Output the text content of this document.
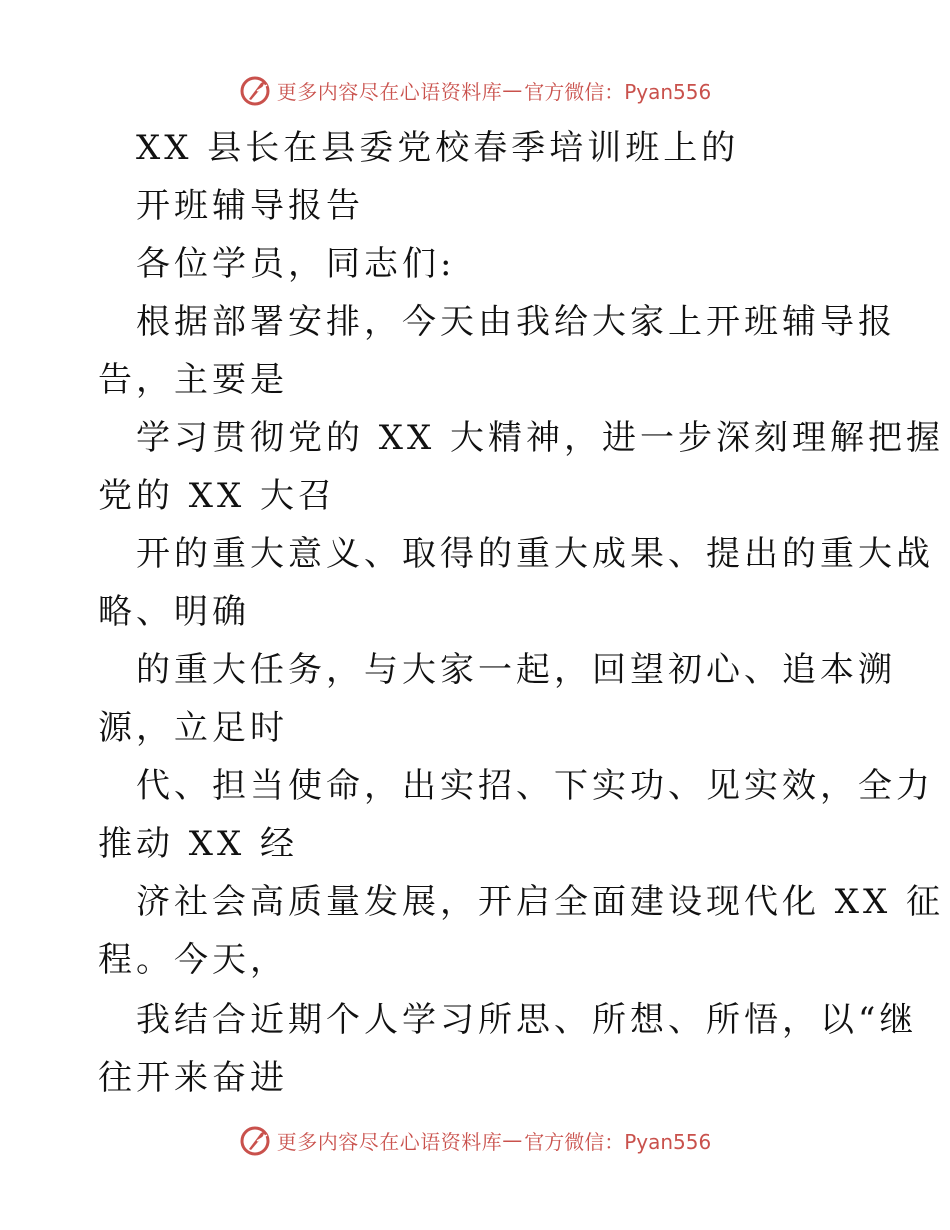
更多内容尽在心语资料库 — 官方微信：Pyan556
XX 县长在县委党校春季培训班上的
开班辅导报告
各位学员，同志们:
根据部署安排，今天由我给大家上开班辅导报
告，主要是
学习贯彻党的 XX 大精神，进一步深刻理解把握
党的 XX 大召
开的重大意义、取得的重大成果、提出的重大战
略、明确
的重大任务，与大家一起，回望初心、追本溯
源，立足时
代、担当使命，出实招、下实功、见实效，全力
推动 XX 经
济社会高质量发展，开启全面建设现代化 XX 征
程。今天，
我结合近期个人学习所思、所想、所悟，以“继
往开来奋进
更多内容尽在心语资料库 — 官方微信：Pyan556
